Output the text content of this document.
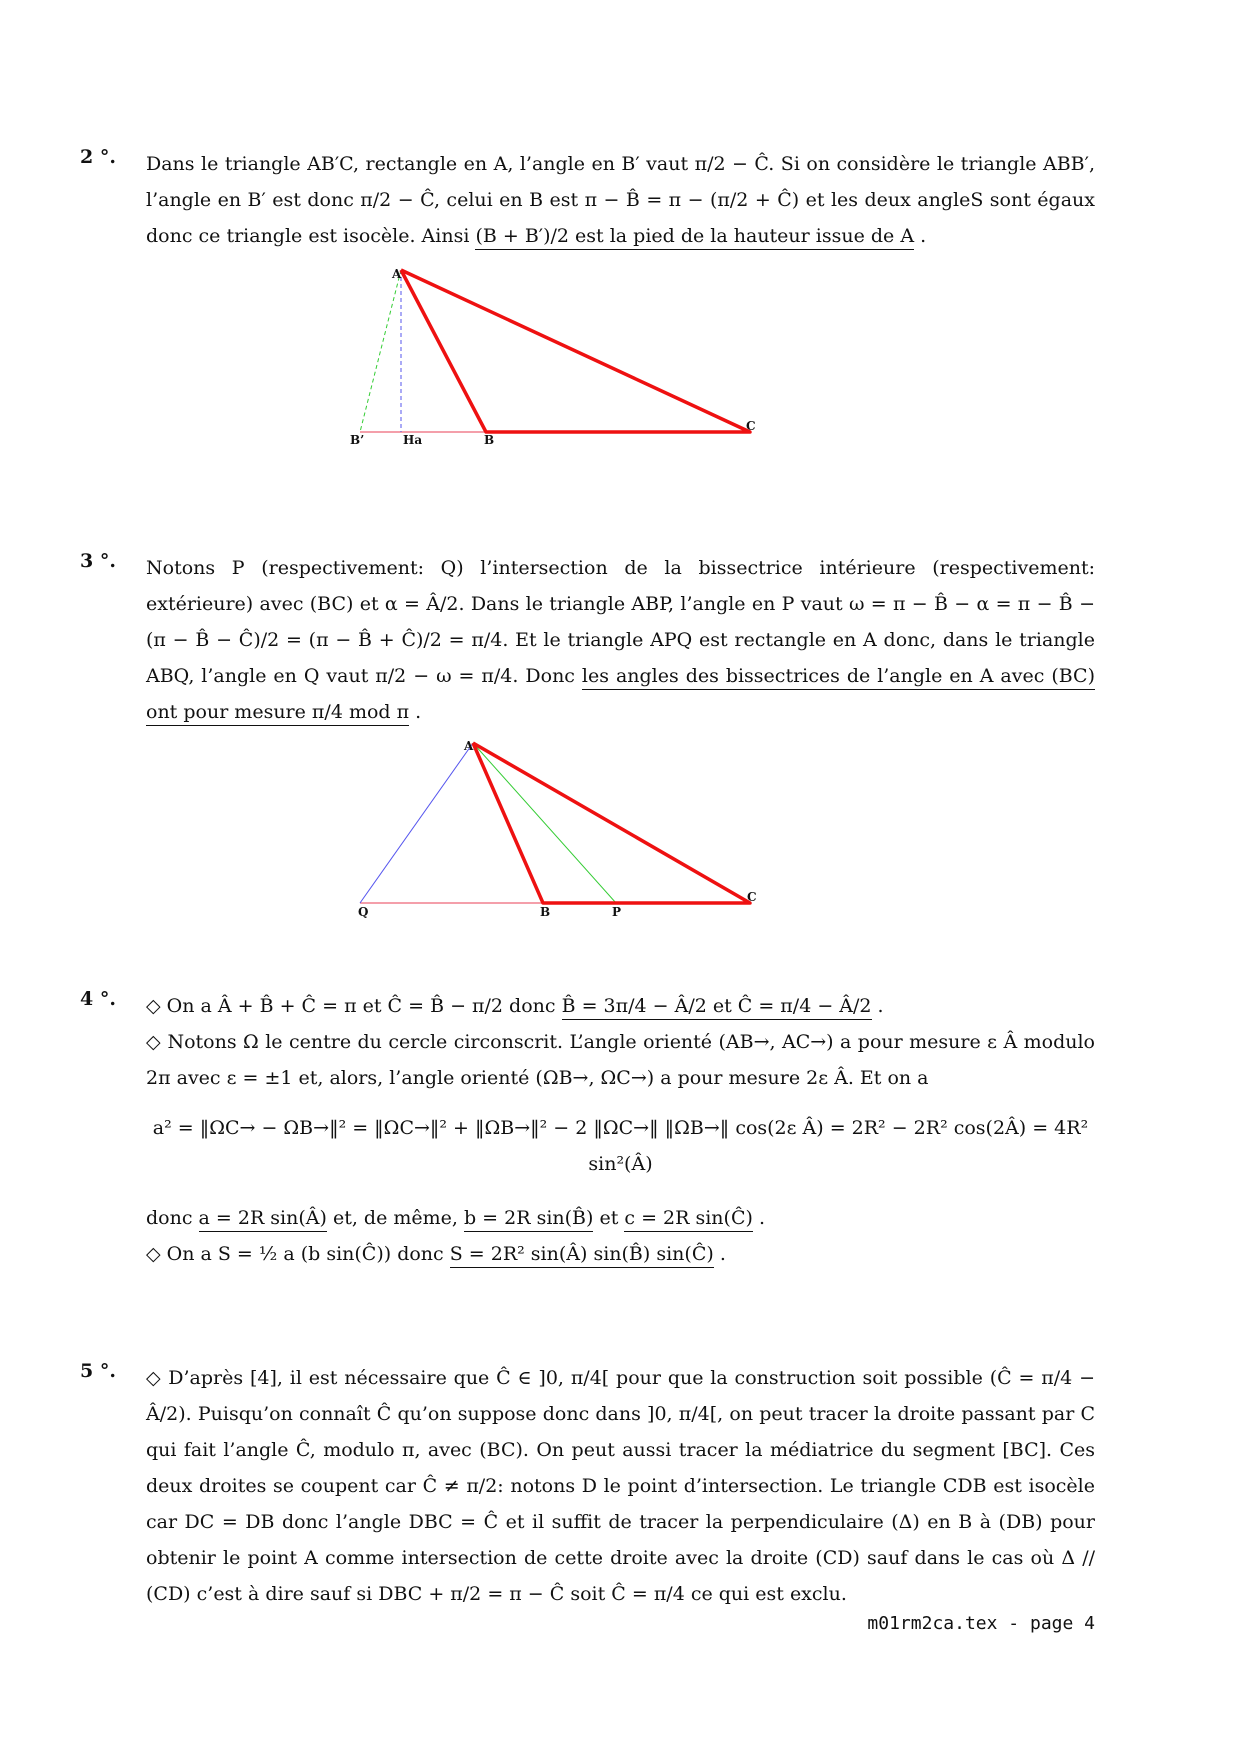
2 °.	Dans le triangle AB′C, rectangle en A, l’angle en B′ vaut π/2 − Ĉ. Si on considère le triangle ABB′, l’angle en B′ est donc π/2 − Ĉ, celui en B est π − B̂ = π − (π/2 + Ĉ) et les deux angleS sont égaux donc ce triangle est isocèle. Ainsi (B + B′)/2 est la pied de la hauteur issue de A .

A
B’	Ha	B
C
3 °.	Notons P (respectivement: Q) l’intersection de la bissectrice intérieure (respectivement: extérieure) avec (BC) et α = Â/2. Dans le triangle ABP, l’angle en P vaut ω = π − B̂ − α = π − B̂ − (π − B̂ − Ĉ)/2 = (π − B̂ + Ĉ)/2 = π/4. Et le triangle APQ est rectangle en A donc, dans le triangle ABQ, l’angle en Q vaut π/2 − ω = π/4. Donc les angles des bissectrices de l’angle en A avec (BC) ont pour mesure π/4 mod π .

A
Q	B	P
C
4 °.	◇ On a Â + B̂ + Ĉ = π et Ĉ = B̂ − π/2 donc B̂ = 3π/4 − Â/2 et Ĉ = π/4 − Â/2 .

◇ Notons Ω le centre du cercle circonscrit. L’angle orienté (AB→, AC→) a pour mesure ε Â modulo 2π avec ε = ±1 et, alors, l’angle orienté (ΩB→, ΩC→) a pour mesure 2ε Â. Et on a

a² = ‖ΩC→ − ΩB→‖² = ‖ΩC→‖² + ‖ΩB→‖² − 2 ‖ΩC→‖ ‖ΩB→‖ cos(2ε Â) = 2R² − 2R² cos(2Â) = 4R² sin²(Â)

donc a = 2R sin(Â) et, de même, b = 2R sin(B̂) et c = 2R sin(Ĉ) .

◇ On a S = ½ a (b sin(Ĉ)) donc S = 2R² sin(Â) sin(B̂) sin(Ĉ) .

5 °.	◇ D’après [4], il est nécessaire que Ĉ ∈ ]0, π/4[ pour que la construction soit possible (Ĉ = π/4 − Â/2). Puisqu’on connaît Ĉ qu’on suppose donc dans ]0, π/4[, on peut tracer la droite passant par C qui fait l’angle Ĉ, modulo π, avec (BC). On peut aussi tracer la médiatrice du segment [BC]. Ces deux droites se coupent car Ĉ ≠ π/2: notons D le point d’intersection. Le triangle CDB est isocèle car DC = DB donc l’angle DBC = Ĉ et il suffit de tracer la perpendiculaire (Δ) en B à (DB) pour obtenir le point A comme intersection de cette droite avec la droite (CD) sauf dans le cas où Δ // (CD) c’est à dire sauf si DBC + π/2 = π − Ĉ soit Ĉ = π/4 ce qui est exclu.

m01rm2ca.tex - page 4
